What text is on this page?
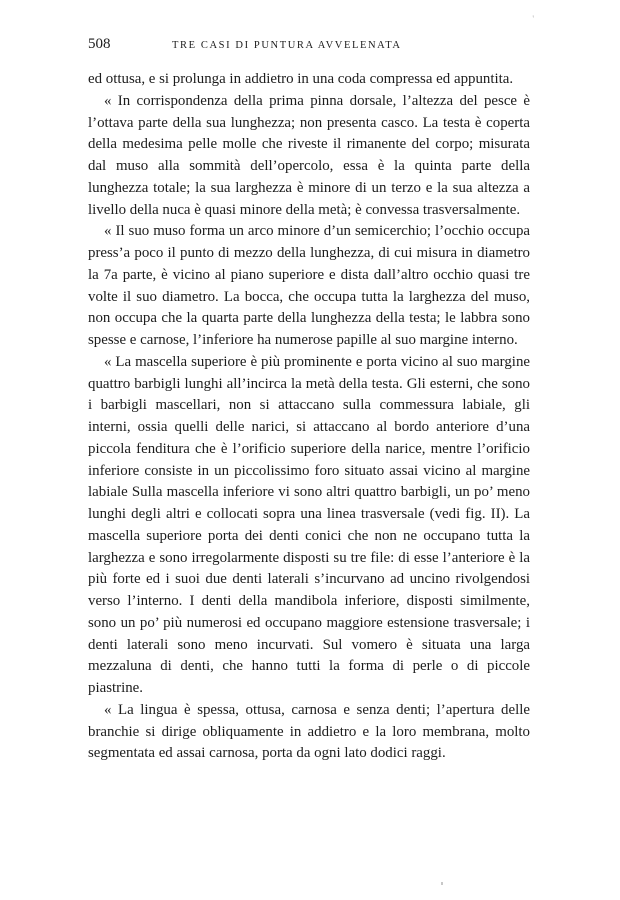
'
508	TRE CASI DI PUNTURA AVVELENATA

ed ottusa, e si prolunga in addietro in una coda compressa ed appuntita.

« In corrispondenza della prima pinna dorsale, l’altezza del pesce è l’ottava parte della sua lunghezza; non presenta casco. La testa è coperta della medesima pelle molle che riveste il rimanente del corpo; misurata dal muso alla sommità dell’opercolo, essa è la quinta parte della lunghezza totale; la sua larghezza è minore di un terzo e la sua altezza a livello della nuca è quasi minore della metà; è convessa trasversalmente.

« Il suo muso forma un arco minore d’un semicerchio; l’occhio occupa press’a poco il punto di mezzo della lunghezza, di cui misura in diametro la 7a parte, è vicino al piano superiore e dista dall’altro occhio quasi tre volte il suo diametro. La bocca, che occupa tutta la larghezza del muso, non occupa che la quarta parte della lunghezza della testa; le labbra sono spesse e carnose, l’inferiore ha numerose papille al suo margine interno.

« La mascella superiore è più prominente e porta vicino al suo margine quattro barbigli lunghi all’incirca la metà della testa. Gli esterni, che sono i barbigli mascellari, non si attaccano sulla commessura labiale, gli interni, ossia quelli delle narici, si attaccano al bordo anteriore d’una piccola fenditura che è l’orificio superiore della narice, mentre l’orificio inferiore consiste in un piccolissimo foro situato assai vicino al margine labiale Sulla mascella inferiore vi sono altri quattro barbigli, un po’ meno lunghi degli altri e collocati sopra una linea trasversale (vedi fig. II). La mascella superiore porta dei denti conici che non ne occupano tutta la larghezza e sono irregolarmente disposti su tre file: di esse l’anteriore è la più forte ed i suoi due denti laterali s’incurvano ad uncino rivolgendosi verso l’interno. I denti della mandibola inferiore, disposti similmente, sono un po’ più numerosi ed occupano maggiore estensione trasversale; i denti laterali sono meno incurvati. Sul vomero è situata una larga mezzaluna di denti, che hanno tutti la forma di perle o di piccole piastrine.

« La lingua è spessa, ottusa, carnosa e senza denti; l’apertura delle branchie si dirige obliquamente in addietro e la loro membrana, molto segmentata ed assai carnosa, porta da ogni lato dodici raggi.
